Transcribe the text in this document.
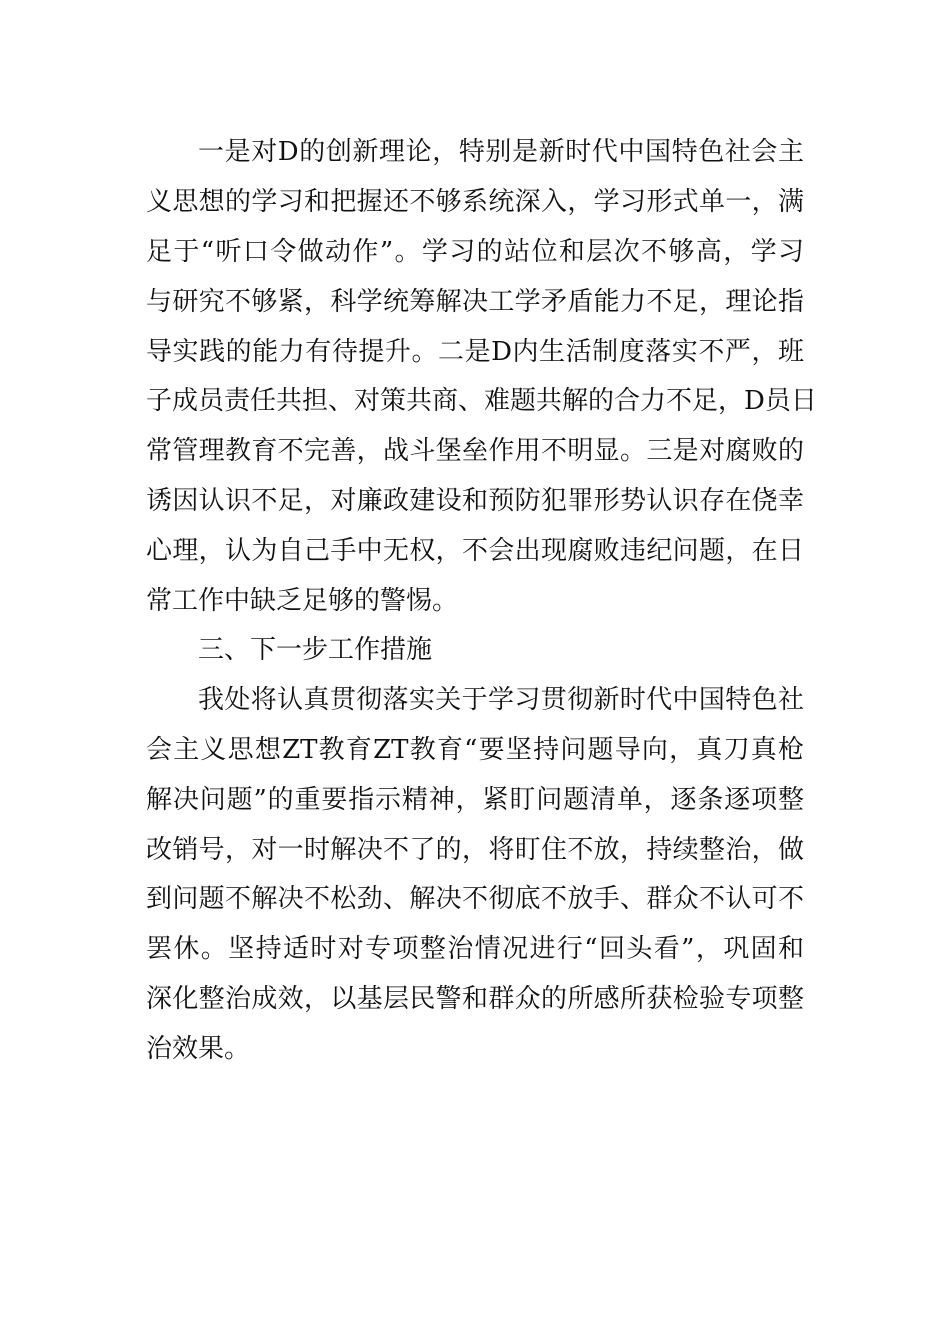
一是对D的创新理论，特别是新时代中国特色社会主
义思想的学习和把握还不够系统深入，学习形式单一，满
足于“听口令做动作”。学习的站位和层次不够高，学习
与研究不够紧，科学统筹解决工学矛盾能力不足，理论指
导实践的能力有待提升。二是D内生活制度落实不严，班
子成员责任共担、对策共商、难题共解的合力不足，D员日
常管理教育不完善，战斗堡垒作用不明显。三是对腐败的
诱因认识不足，对廉政建设和预防犯罪形势认识存在侥幸
心理，认为自己手中无权，不会出现腐败违纪问题，在日
常工作中缺乏足够的警惕。
三、下一步工作措施
我处将认真贯彻落实关于学习贯彻新时代中国特色社
会主义思想ZT教育ZT教育“要坚持问题导向，真刀真枪
解决问题”的重要指示精神，紧盯问题清单，逐条逐项整
改销号，对一时解决不了的，将盯住不放，持续整治，做
到问题不解决不松劲、解决不彻底不放手、群众不认可不
罢休。坚持适时对专项整治情况进行“回头看”，巩固和
深化整治成效，以基层民警和群众的所感所获检验专项整
治效果。
